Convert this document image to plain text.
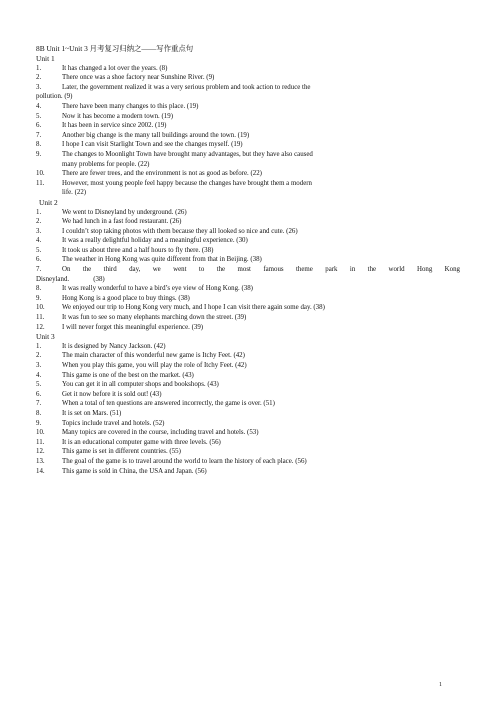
8B Unit 1~Unit 3 月考复习归纳之——写作重点句
Unit 1
1.	It has changed a lot over the years. (8)
2.	There once was a shoe factory near Sunshine River. (9)
3.	Later, the government realized it was a very serious problem and took action to reduce the
pollution. (9)
4.	There have been many changes to this place. (19)
5.	Now it has become a modern town. (19)
6.	It has been in service since 2002. (19)
7.	Another big change is the many tall buildings around the town. (19)
8.	I hope I can visit Starlight Town and see the changes myself. (19)
9.	The changes to Moonlight Town have brought many advantages, but they have also caused
many problems for people. (22)
10.	There are fewer trees, and the environment is not as good as before. (22)
11.	However, most young people feel happy because the changes have brought them a modern
life. (22)
Unit 2
1.	We went to Disneyland by underground. (26)
2.	We had lunch in a fast food restaurant. (26)
3.	I couldn’t stop taking photos with them because they all looked so nice and cute. (26)
4.	It was a really delightful holiday and a meaningful experience. (30)
5.	It took us about three and a half hours to fly there. (38)
6.	The weather in Hong Kong was quite different from that in Beijing. (38)
7.	On the third day, we went to the most famous theme park in the world Hong Kong
Disneyland.              (38)
8.	It was really wonderful to have a bird’s eye view of Hong Kong. (38)
9.	Hong Kong is a good place to buy things. (38)
10.	We enjoyed our trip to Hong Kong very much, and I hope I can visit there again some day. (38)
11.	It was fun to see so many elephants marching down the street. (39)
12.	I will never forget this meaningful experience. (39)
Unit 3
1.	It is designed by Nancy Jackson. (42)
2.	The main character of this wonderful new game is Itchy Feet. (42)
3.	When you play this game, you will play the role of Itchy Feet. (42)
4.	This game is one of the best on the market. (43)
5.	You can get it in all computer shops and bookshops. (43)
6.	Get it now before it is sold out! (43)
7.	When a total of ten questions are answered incorrectly, the game is over. (51)
8.	It is set on Mars. (51)
9.	Topics include travel and hotels. (52)
10.	Many topics are covered in the course, including travel and hotels. (53)
11.	It is an educational computer game with three levels. (56)
12.	This game is set in different countries. (55)
13.	The goal of the game is to travel around the world to learn the history of each place. (56)
14.	This game is sold in China, the USA and Japan. (56)
1
